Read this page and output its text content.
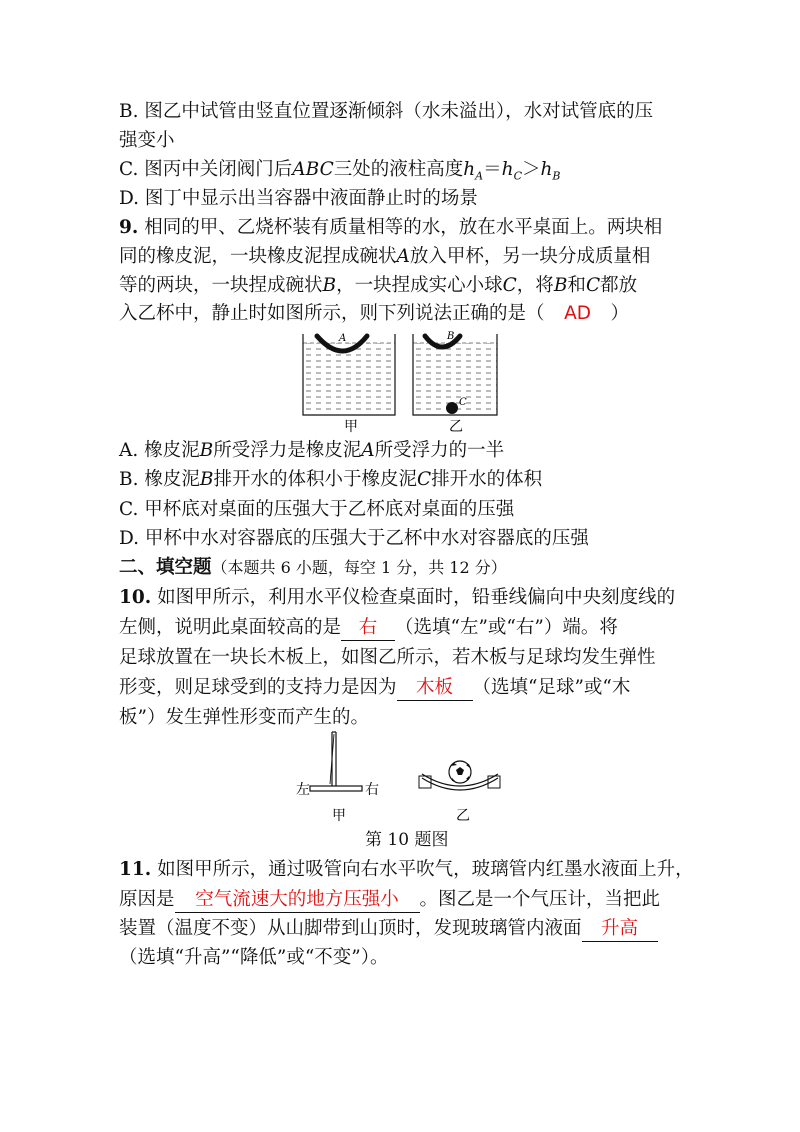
B. 图乙中试管由竖直位置逐渐倾斜（水未溢出），水对试管底的压
强变小
C. 图丙中关闭阀门后ABC三处的液柱高度$h_A=h_C>h_B$
D. 图丁中显示出当容器中液面静止时的场景
9. 相同的甲、乙烧杯装有质量相等的水，放在水平桌面上。两块相
同的橡皮泥，一块橡皮泥捏成碗状A放入甲杯，另一块分成质量相
等的两块，一块捏成碗状B，一块捏成实心小球C，将B和C都放
入乙杯中，静止时如图所示，则下列说法正确的是（ AD ）
A	B
C
甲	乙
A. 橡皮泥B所受浮力是橡皮泥A所受浮力的一半
B. 橡皮泥B排开水的体积小于橡皮泥C排开水的体积
C. 甲杯底对桌面的压强大于乙杯底对桌面的压强
D. 甲杯中水对容器底的压强大于乙杯中水对容器底的压强
二、填空题（本题共 6 小题，每空 1 分，共 12 分）
10. 如图甲所示，利用水平仪检查桌面时，铅垂线偏向中央刻度线的
左侧，说明此桌面较高的是 右 （选填“左”或“右”）端。将
足球放置在一块长木板上，如图乙所示，若木板与足球均发生弹性
形变，则足球受到的支持力是因为 木板 （选填“足球”或“木
板”）发生弹性形变而产生的。
左	右
甲	乙
第 10 题图
11. 如图甲所示，通过吸管向右水平吹气，玻璃管内红墨水液面上升，
原因是 空气流速大的地方压强小 。图乙是一个气压计，当把此
装置（温度不变）从山脚带到山顶时，发现玻璃管内液面 升高
（选填“升高”“降低”或“不变”）。
